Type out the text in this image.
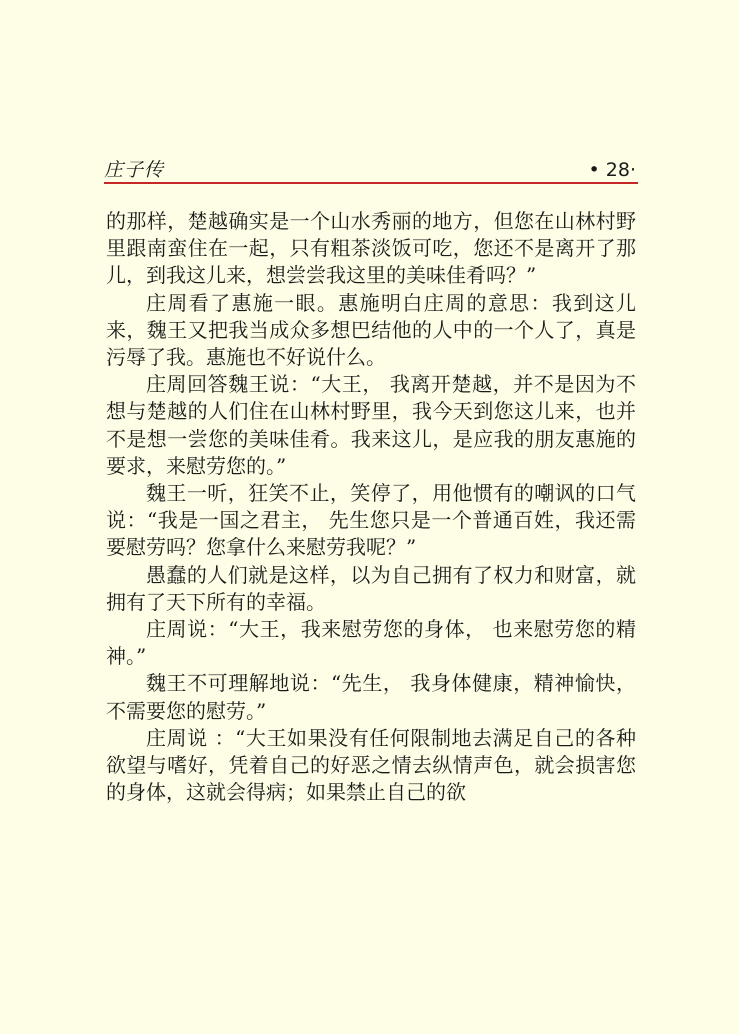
庄子传	• 28·

的那样，楚越确实是一个山水秀丽的地方，但您在山林村野里跟南蛮住在一起，只有粗茶淡饭可吃，您还不是离开了那儿，到我这儿来，想尝尝我这里的美味佳肴吗？”

庄周看了惠施一眼。惠施明白庄周的意思：我到这儿来，魏王又把我当成众多想巴结他的人中的一个人了，真是污辱了我。惠施也不好说什么。

庄周回答魏王说：“大王， 我离开楚越，并不是因为不想与楚越的人们住在山林村野里，我今天到您这儿来，也并不是想一尝您的美味佳肴。我来这儿，是应我的朋友惠施的要求，来慰劳您的。”

魏王一听，狂笑不止，笑停了，用他惯有的嘲讽的口气说：“我是一国之君主， 先生您只是一个普通百姓，我还需要慰劳吗？您拿什么来慰劳我呢？”

愚蠢的人们就是这样，以为自己拥有了权力和财富，就拥有了天下所有的幸福。

庄周说：“大王，我来慰劳您的身体， 也来慰劳您的精神。”

魏王不可理解地说：“先生， 我身体健康，精神愉快，不需要您的慰劳。”

庄周说 ：“大王如果没有任何限制地去满足自己的各种欲望与嗜好，凭着自己的好恶之情去纵情声色，就会损害您的身体，这就会得病；如果禁止自己的欲
